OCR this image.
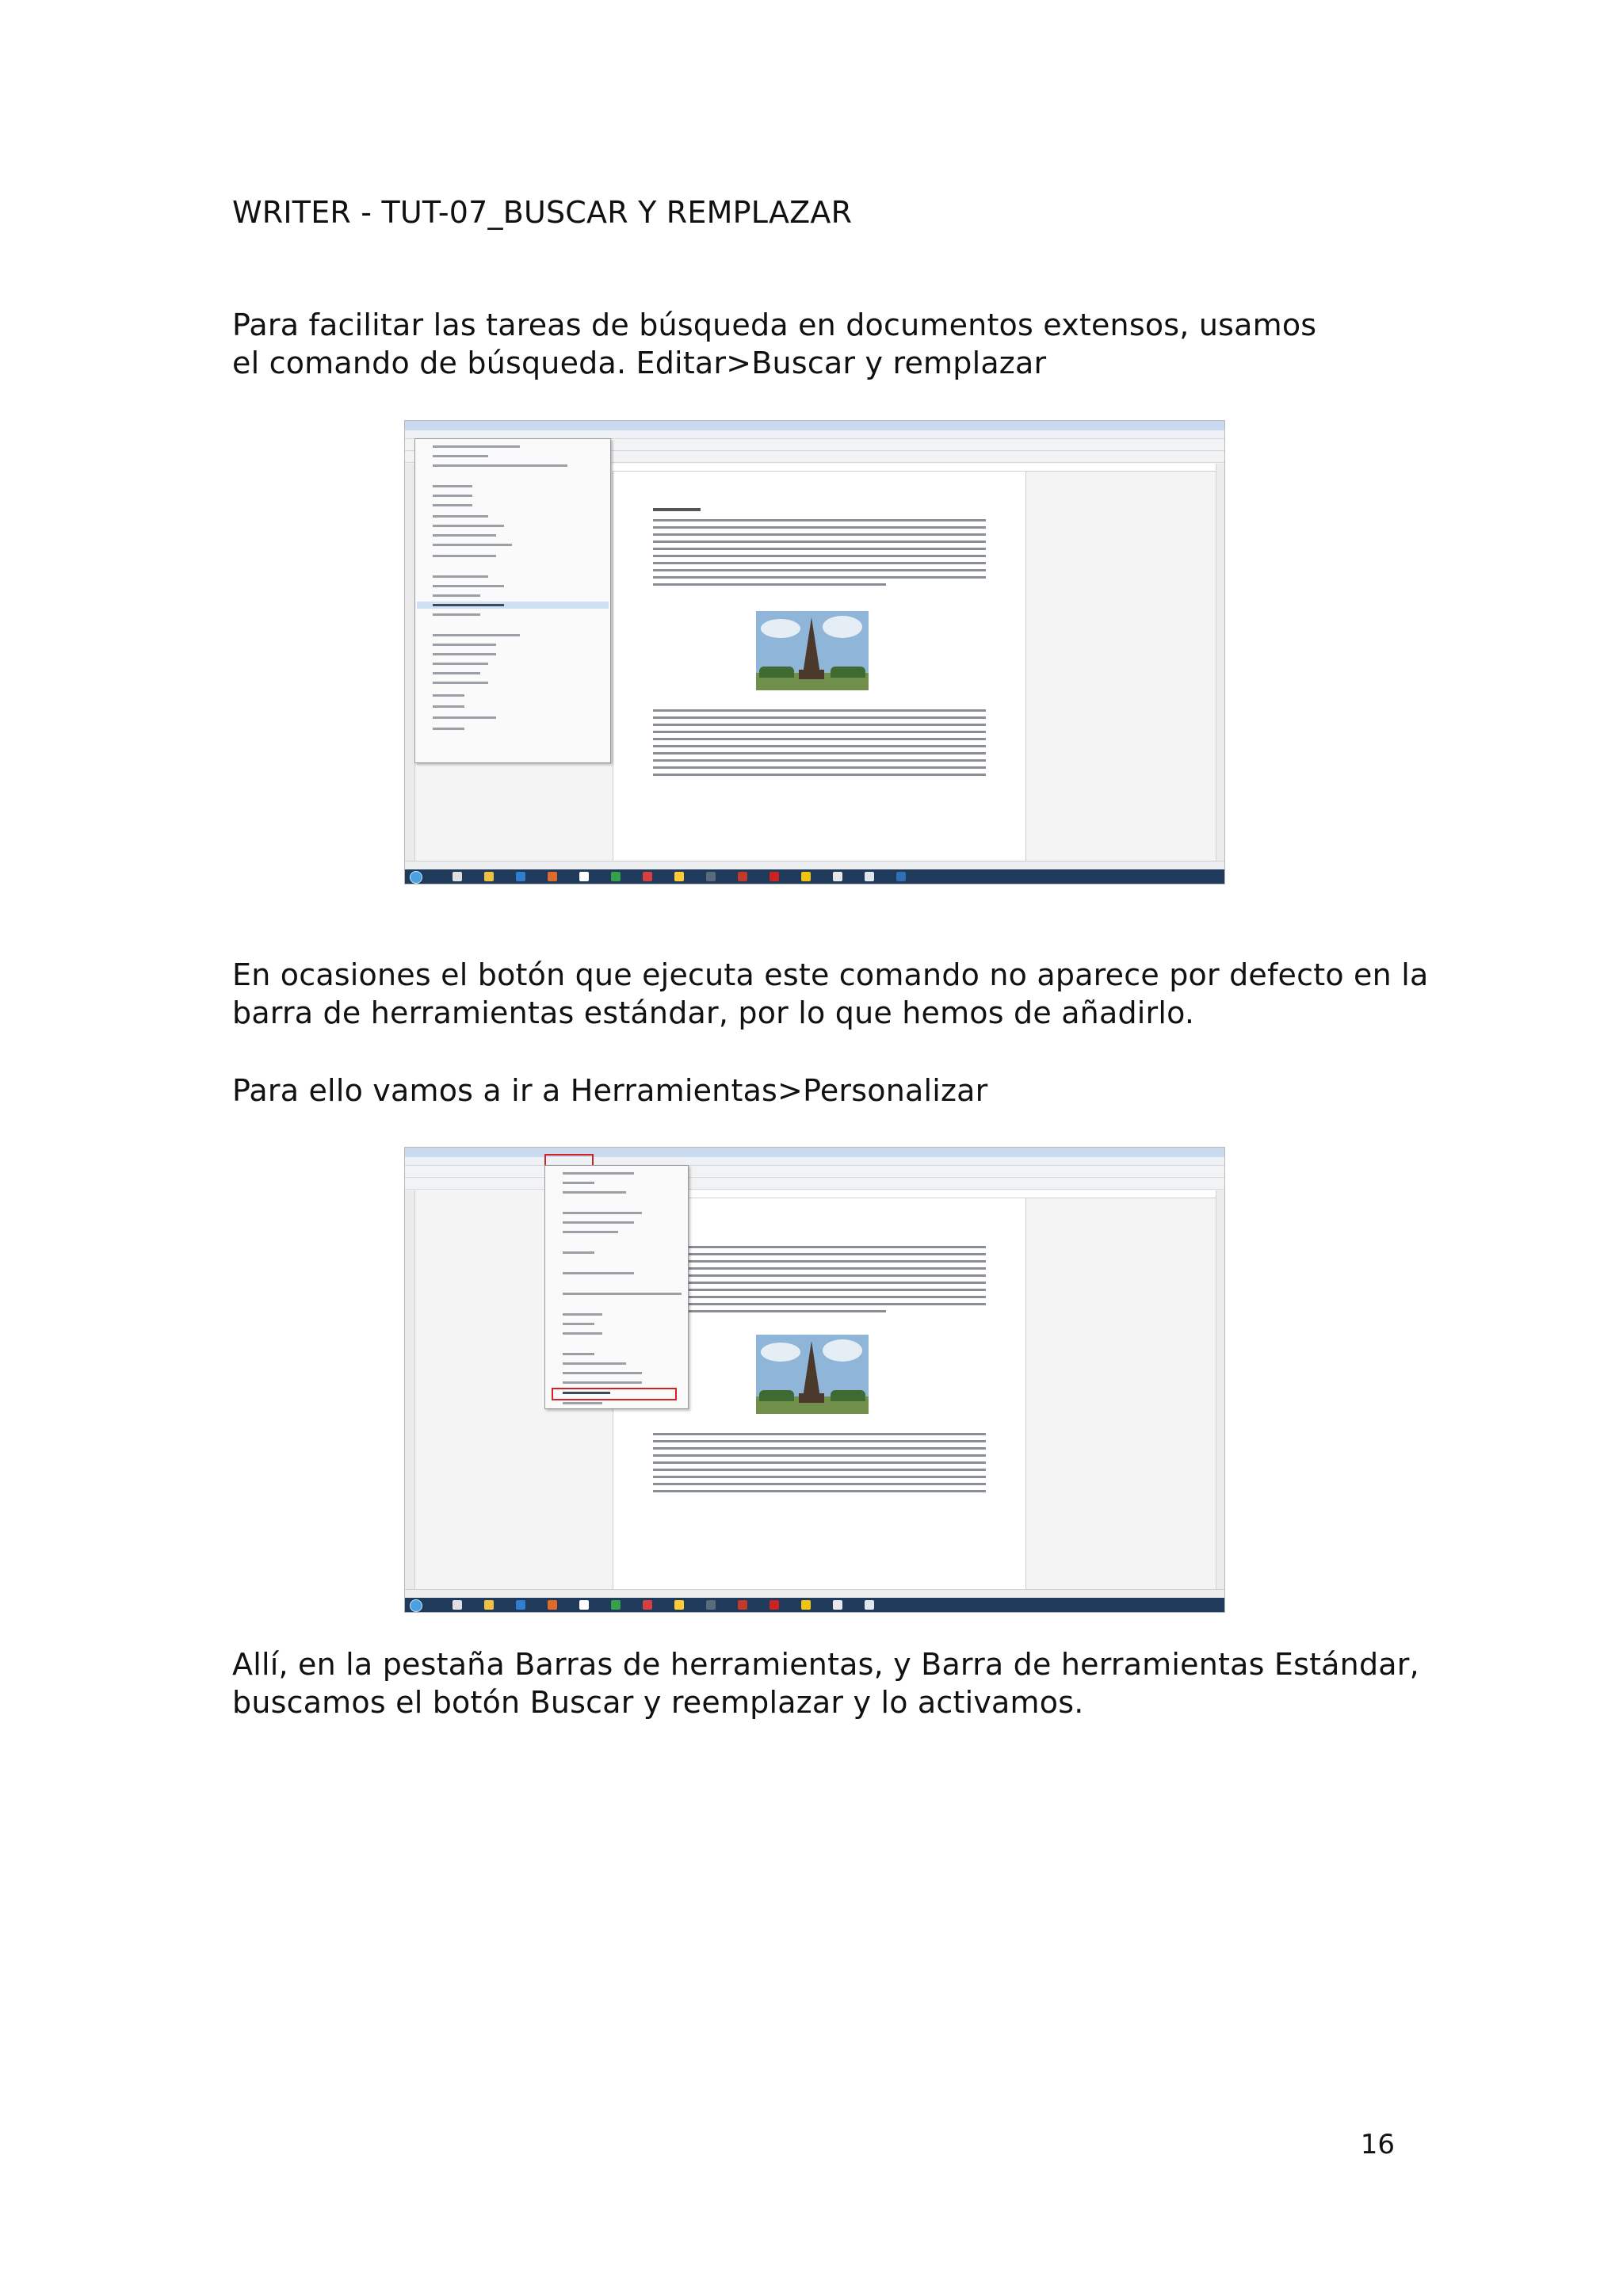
WRITER - TUT-07_BUSCAR Y REMPLAZAR
Para facilitar las tareas de búsqueda en documentos extensos, usamos
el comando de búsqueda. Editar>Buscar y remplazar
En ocasiones el botón que ejecuta este comando no aparece por defecto en la
barra de herramientas estándar, por lo que hemos de añadirlo.
Para ello vamos a ir a Herramientas>Personalizar
Allí, en la pestaña Barras de herramientas, y Barra de herramientas Estándar,
buscamos el botón Buscar y reemplazar y lo activamos.
16
